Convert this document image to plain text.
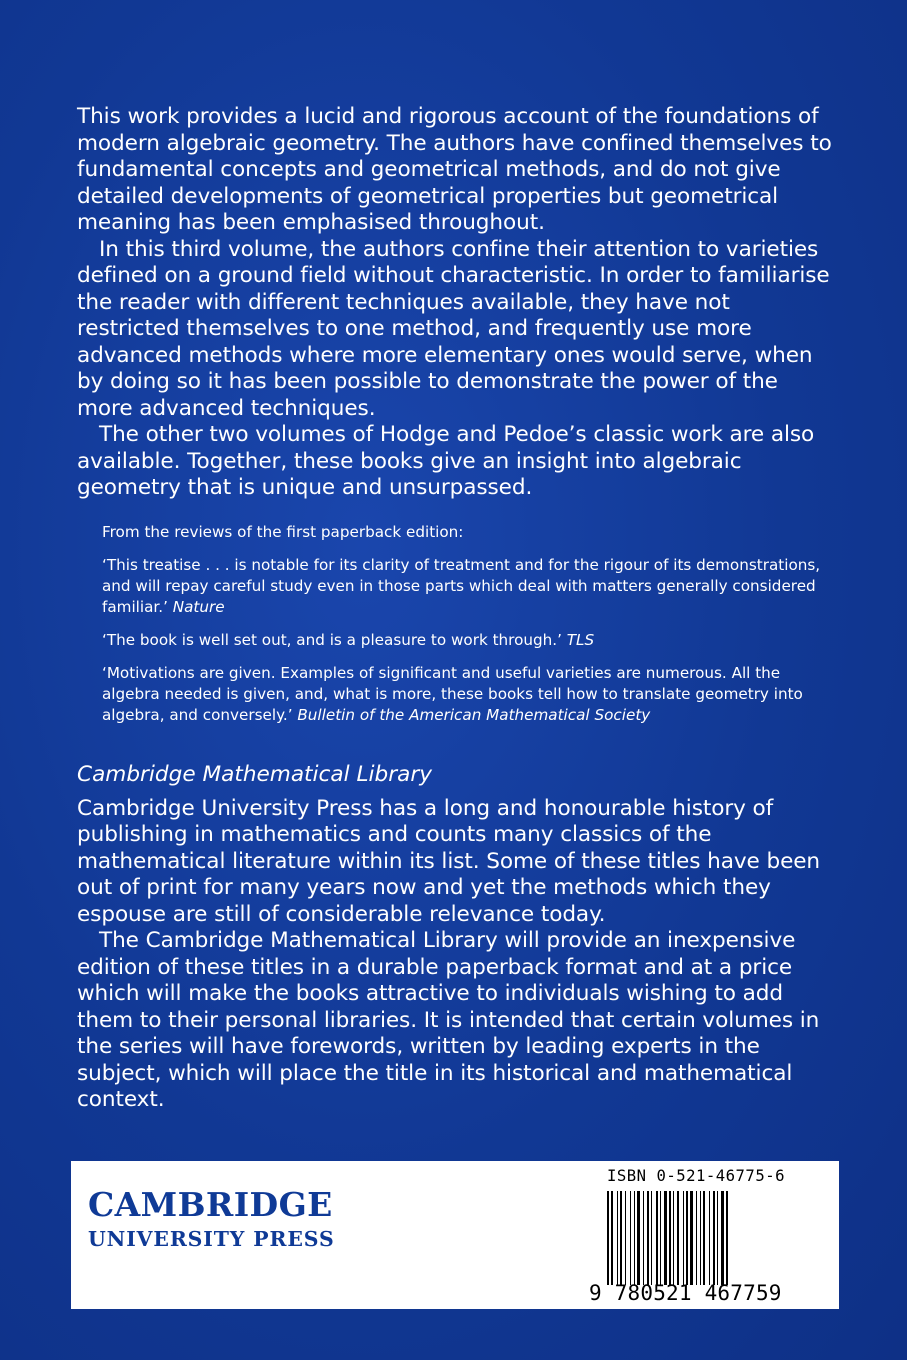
This work provides a lucid and rigorous account of the foundations of modern algebraic geometry. The authors have confined themselves to fundamental concepts and geometrical methods, and do not give detailed developments of geometrical properties but geometrical meaning has been emphasised throughout.

In this third volume, the authors confine their attention to varieties defined on a ground field without characteristic. In order to familiarise the reader with different techniques available, they have not restricted themselves to one method, and frequently use more advanced methods where more elementary ones would serve, when by doing so it has been possible to demonstrate the power of the more advanced techniques.

The other two volumes of Hodge and Pedoe’s classic work are also available. Together, these books give an insight into algebraic geometry that is unique and unsurpassed.

From the reviews of the first paperback edition:

‘This treatise . . . is notable for its clarity of treatment and for the rigour of its demonstrations, and will repay careful study even in those parts which deal with matters generally considered familiar.’ Nature

‘The book is well set out, and is a pleasure to work through.’ TLS

‘Motivations are given. Examples of significant and useful varieties are numerous. All the algebra needed is given, and, what is more, these books tell how to translate geometry into algebra, and conversely.’ Bulletin of the American Mathematical Society

Cambridge Mathematical Library

Cambridge University Press has a long and honourable history of publishing in mathematics and counts many classics of the mathematical literature within its list. Some of these titles have been out of print for many years now and yet the methods which they espouse are still of considerable relevance today.

The Cambridge Mathematical Library will provide an inexpensive edition of these titles in a durable paperback format and at a price which will make the books attractive to individuals wishing to add them to their personal libraries. It is intended that certain volumes in the series will have forewords, written by leading experts in the subject, which will place the title in its historical and mathematical context.

CAMBRIDGE
UNIVERSITY PRESS
ISBN 0-521-46775-6
9 780521 467759
